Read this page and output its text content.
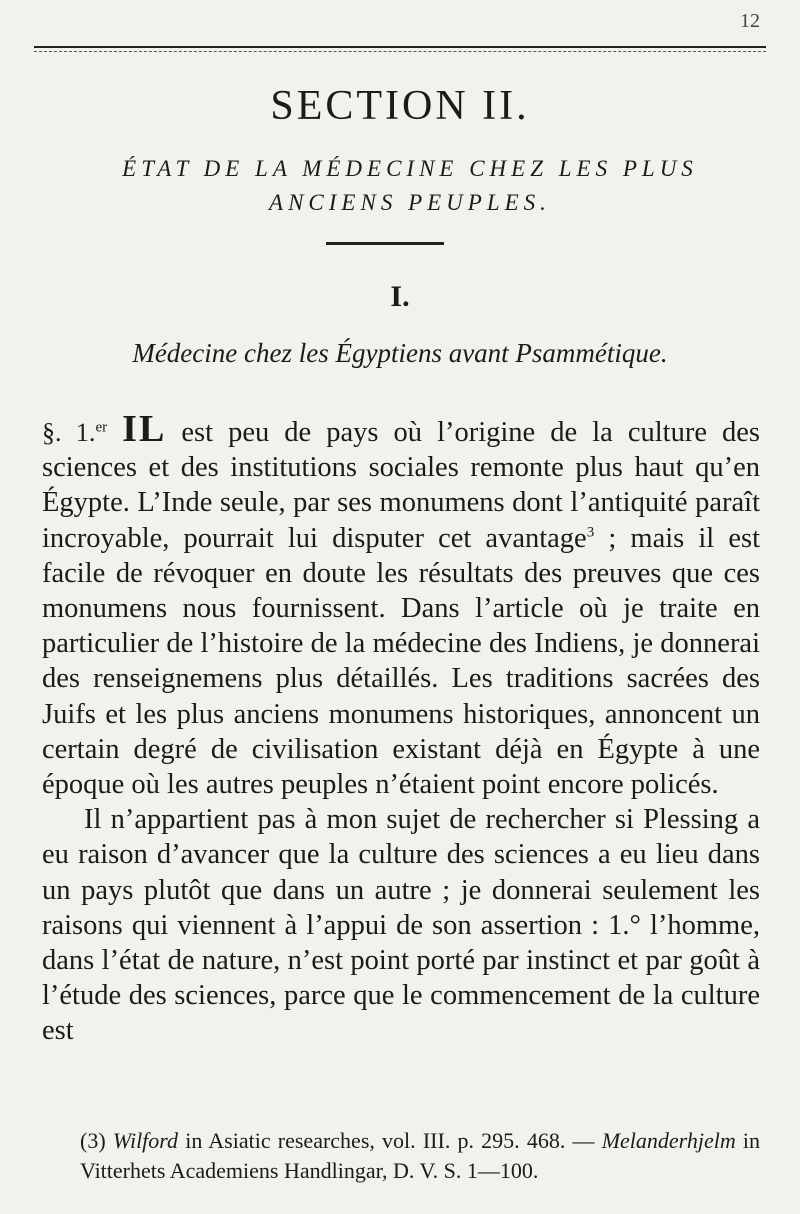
12
SECTION II.
ÉTAT DE LA MÉDECINE CHEZ LES PLUS
ANCIENS PEUPLES.
I.
Médecine chez les Égyptiens avant Psammétique.

§. 1.$^{er}$ IL est peu de pays où l’origine de la culture des sciences et des institutions sociales remonte plus haut qu’en Égypte. L’Inde seule, par ses monumens dont l’antiquité paraît incroyable, pourrait lui disputer cet avantage$^3$ ; mais il est facile de révoquer en doute les résultats des preuves que ces monumens nous fournissent. Dans l’article où je traite en particulier de l’histoire de la médecine des Indiens, je donnerai des renseignemens plus détaillés. Les traditions sacrées des Juifs et les plus anciens monumens historiques, annoncent un certain degré de civilisation existant déjà en Égypte à une époque où les autres peuples n’étaient point encore policés.

Il n’appartient pas à mon sujet de rechercher si Plessing a eu raison d’avancer que la culture des sciences a eu lieu dans un pays plutôt que dans un autre ; je donnerai seulement les raisons qui viennent à l’appui de son assertion : 1.° l’homme, dans l’état de nature, n’est point porté par instinct et par goût à l’étude des sciences, parce que le commencement de la culture est

(3) Wilford in Asiatic researches, vol. III. p. 295. 468. — Melanderhjelm in Vitterhets Academiens Handlingar, D. V. S. 1—100.
